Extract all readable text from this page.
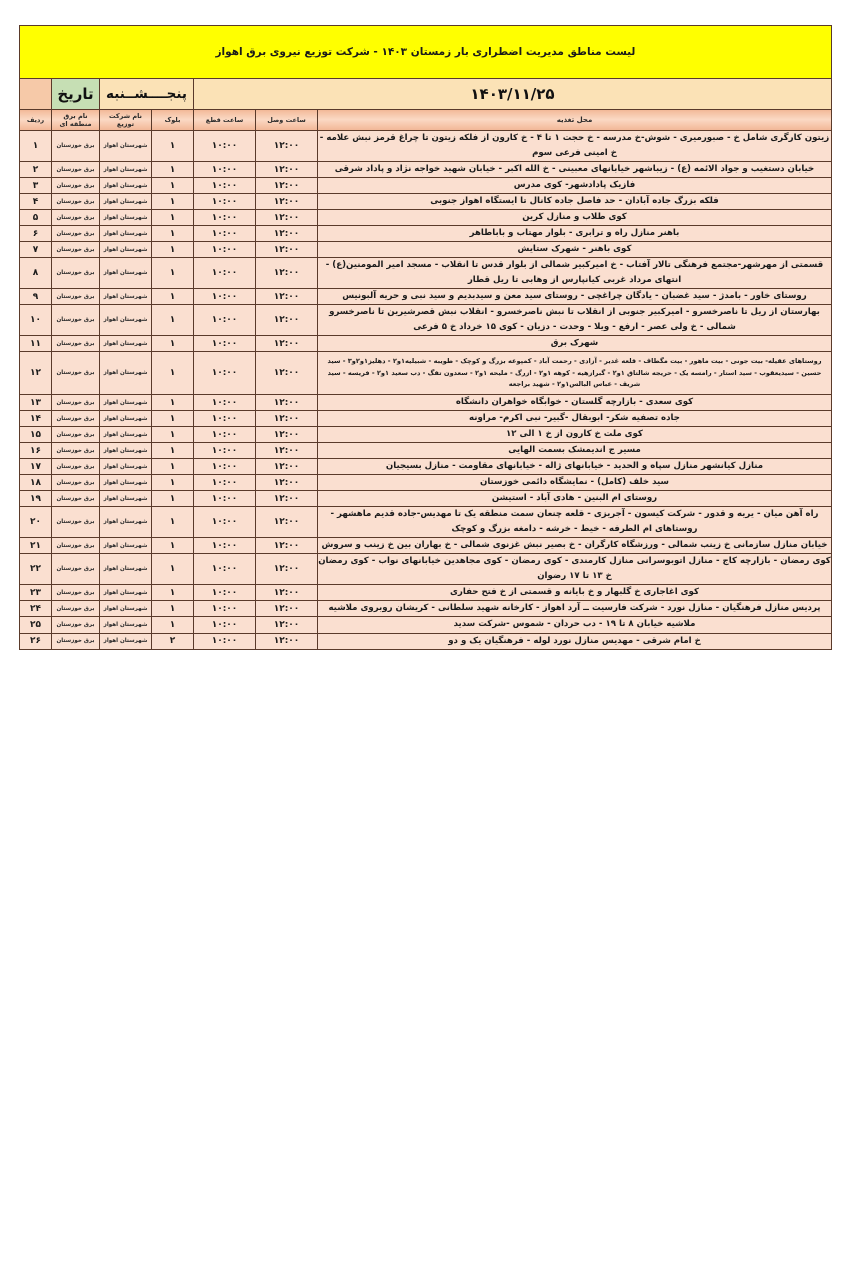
لیست مناطق مدیریت اضطراری بار زمستان ۱۴۰۳ - شرکت توزیع نیروی برق اهواز						
۱۴۰۳/۱۱/۲۵			پنجــــشــنبه		تاریخ	
محل تغذیه	ساعت وصل	ساعت قطع	بلوک	نام شرکت توزیع	نام برق منطقه ای	ردیف
زیتون کارگری شامل خ - صبورمیری - شوش-خ مدرسه - خ حجت ۱ تا ۴ - خ کارون از فلکه زیتون تا چراغ قرمز نبش علامه - خ امینی فرعی سوم	۱۲:۰۰	۱۰:۰۰	۱	شهرستان اهواز	برق خوزستان	۱
خیابان دستغیب و جواد الائمه (ع) - زیباشهر خیابانهای معبینی - خ الله اکبر - خیابان شهید خواجه نژاد و پاداد شرقی	۱۲:۰۰	۱۰:۰۰	۱	شهرستان اهواز	برق خوزستان	۲
فازیک پادادشهر- کوی مدرس	۱۲:۰۰	۱۰:۰۰	۱	شهرستان اهواز	برق خوزستان	۳
فلکه بزرگ جاده آبادان - حد فاصل جاده کانال تا ایستگاه اهواز جنوبی	۱۲:۰۰	۱۰:۰۰	۱	شهرستان اهواز	برق خوزستان	۴
کوی طلاب و منازل کرین	۱۲:۰۰	۱۰:۰۰	۱	شهرستان اهواز	برق خوزستان	۵
باهنر منازل راه و ترابری - بلوار مهتاب و باباطاهر	۱۲:۰۰	۱۰:۰۰	۱	شهرستان اهواز	برق خوزستان	۶
کوی باهنر - شهرک ستایش	۱۲:۰۰	۱۰:۰۰	۱	شهرستان اهواز	برق خوزستان	۷
قسمتی از مهرشهر-مجتمع فرهنگی تالار آفتاب - خ امیرکبیر شمالی از بلوار قدس تا انقلاب - مسجد امیر المومنین(ع) - انتهای مرداد غربی کیانپارس از وهابی تا ریل قطار	۱۲:۰۰	۱۰:۰۰	۱	شهرستان اهواز	برق خوزستان	۸
روستای خاور - بامدژ - سید غضبان - یادگان چراغچی - روستای سید معن و سیدبدیم و سید نبی و حریه آلبونیس	۱۲:۰۰	۱۰:۰۰	۱	شهرستان اهواز	برق خوزستان	۹
بهارستان از ریل تا ناصرخسرو - امیرکبیر جنوبی از انقلاب تا نبش ناصرخسرو - انقلاب نبش قصرشیرین تا ناصرخسرو شمالی - خ ولی عصر - ارفع - ویلا - وحدت - دزیان - کوی ۱۵ خرداد خ ۵ فرعی	۱۲:۰۰	۱۰:۰۰	۱	شهرستان اهواز	برق خوزستان	۱۰
شهرک برق	۱۲:۰۰	۱۰:۰۰	۱	شهرستان اهواز	برق خوزستان	۱۱
روستاهای عقیله- بیت جونی - بیت ماهور - بیت مگطاف - قلعه غدیر - آزادی - رحمت آباد - کمپوعه بزرگ و کوچک - طویبه - شبیلیه۱و۲ - دهلیز۱و۲و۳ - سید حسین - سیدیعقوب - سید استار - رامسه یک - حریجه شالتاق ۱و۲ - گبرازهیه - کوهه ۱و۲ - ازرگ - ملیحه ۱و۲ - سعدون تفگ - دب سعید ۱و۲ - فریسه - سید شریف - عباس البالس۱و۲ - شهید براجعه	۱۲:۰۰	۱۰:۰۰	۱	شهرستان اهواز	برق خوزستان	۱۲
کوی سعدی - بازارچه گلستان - خوابگاه خواهران دانشگاه	۱۲:۰۰	۱۰:۰۰	۱	شهرستان اهواز	برق خوزستان	۱۳
جاده تصفیه شکر- ابوبقال -گبیر- نبی اکرم- مراونه	۱۲:۰۰	۱۰:۰۰	۱	شهرستان اهواز	برق خوزستان	۱۴
کوی ملت خ کارون از خ ۱ الی ۱۲	۱۲:۰۰	۱۰:۰۰	۱	شهرستان اهواز	برق خوزستان	۱۵
مسیر ج اندیمشک بسمت الهایی	۱۲:۰۰	۱۰:۰۰	۱	شهرستان اهواز	برق خوزستان	۱۶
منازل کیانشهر منازل سپاه و الحدید - خیابانهای ژاله - خیابانهای مقاومت - منازل بسیجیان	۱۲:۰۰	۱۰:۰۰	۱	شهرستان اهواز	برق خوزستان	۱۷
سید خلف (کامل) - نمایشگاه دائمی خوزستان	۱۲:۰۰	۱۰:۰۰	۱	شهرستان اهواز	برق خوزستان	۱۸
روستای ام البنین - هادی آباد - استیشن	۱۲:۰۰	۱۰:۰۰	۱	شهرستان اهواز	برق خوزستان	۱۹
راه آهن میان - یریه و قدور - شرکت کیسون - آجریزی - قلعه چنعان سمت منطقه یک تا مهدیس-جاده قدیم ماهشهر - روستاهای ام الطرفه - خیط - خرشه - دامغه بزرگ و کوچک	۱۲:۰۰	۱۰:۰۰	۱	شهرستان اهواز	برق خوزستان	۲۰
خیابان منازل سازمانی خ زینب شمالی - ورزشگاه کارگران - خ بصیر نبش غزنوی شمالی - خ بهاران بین خ زینب و سروش	۱۲:۰۰	۱۰:۰۰	۱	شهرستان اهواز	برق خوزستان	۲۱
کوی رمضان - بازارچه کاج - منازل اتوبوسرانی منازل کارمندی - کوی رمضان - کوی مجاهدین خیابانهای نواب - کوی رمضان خ ۱۳ تا ۱۷ رضوان	۱۲:۰۰	۱۰:۰۰	۱	شهرستان اهواز	برق خوزستان	۲۲
کوی اغاجاری خ گلبهار و خ بایانه و قسمتی از خ فتح حفاری	۱۲:۰۰	۱۰:۰۰	۱	شهرستان اهواز	برق خوزستان	۲۳
پردیس منازل فرهنگیان - منازل نورد - شرکت فارسیت ــ آرد اهواز - کارخانه شهید سلطانی - کریشان روبروی ملاشیه	۱۲:۰۰	۱۰:۰۰	۱	شهرستان اهواز	برق خوزستان	۲۴
ملاشیه خیابان ۸ تا ۱۹ - دب حردان - شموس -شرکت سدید	۱۲:۰۰	۱۰:۰۰	۱	شهرستان اهواز	برق خوزستان	۲۵
خ امام شرقی - مهدیس منازل نورد لوله - فرهنگیان یک و دو	۱۲:۰۰	۱۰:۰۰	۲	شهرستان اهواز	برق خوزستان	۲۶
